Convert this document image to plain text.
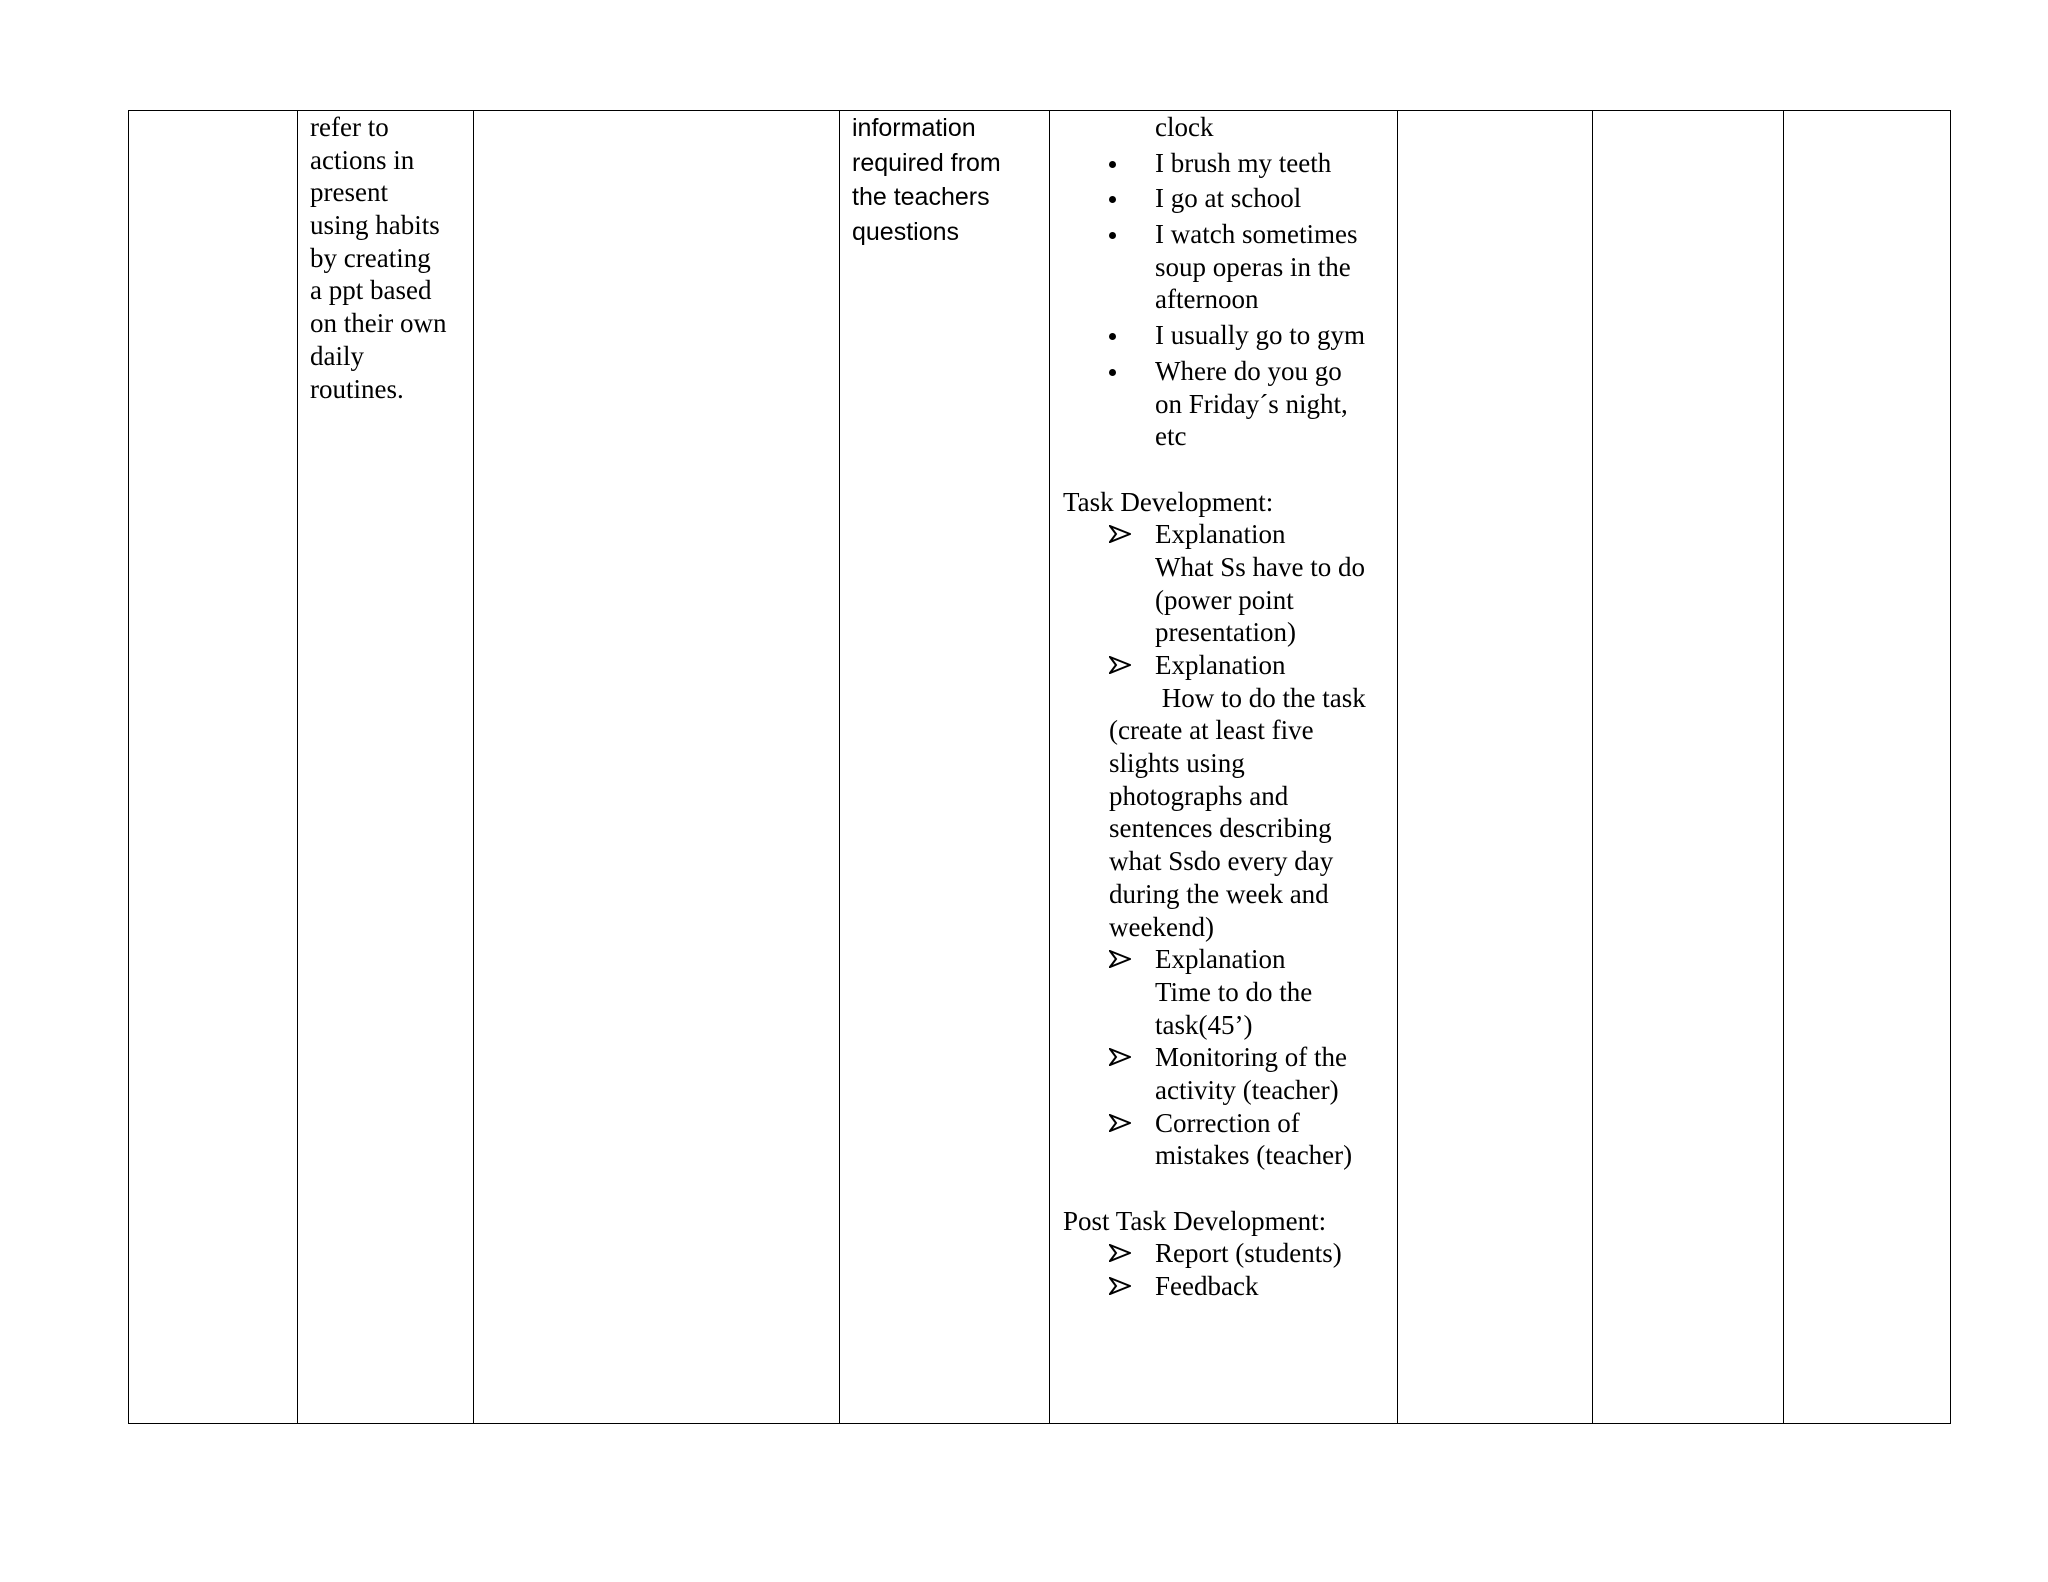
refer to
actions in
present
using habits
by creating
a ppt based
on their own
daily
routines.
information
required from
the teachers
questions
clock
I brush my teeth
I go at school
I watch sometimes
soup operas in the
afternoon
I usually go to gym
Where do you go
on Friday´s night,
etc
Task Development:
Explanation
What Ss have to do
(power point
presentation)
Explanation
How to do the task
(create at least five
slights using
photographs and
sentences describing
what Ssdo every day
during the week and
weekend)
Explanation
Time to do the
task(45’)
Monitoring of the
activity (teacher)
Correction of
mistakes (teacher)
Post Task Development:
Report (students)
Feedback
